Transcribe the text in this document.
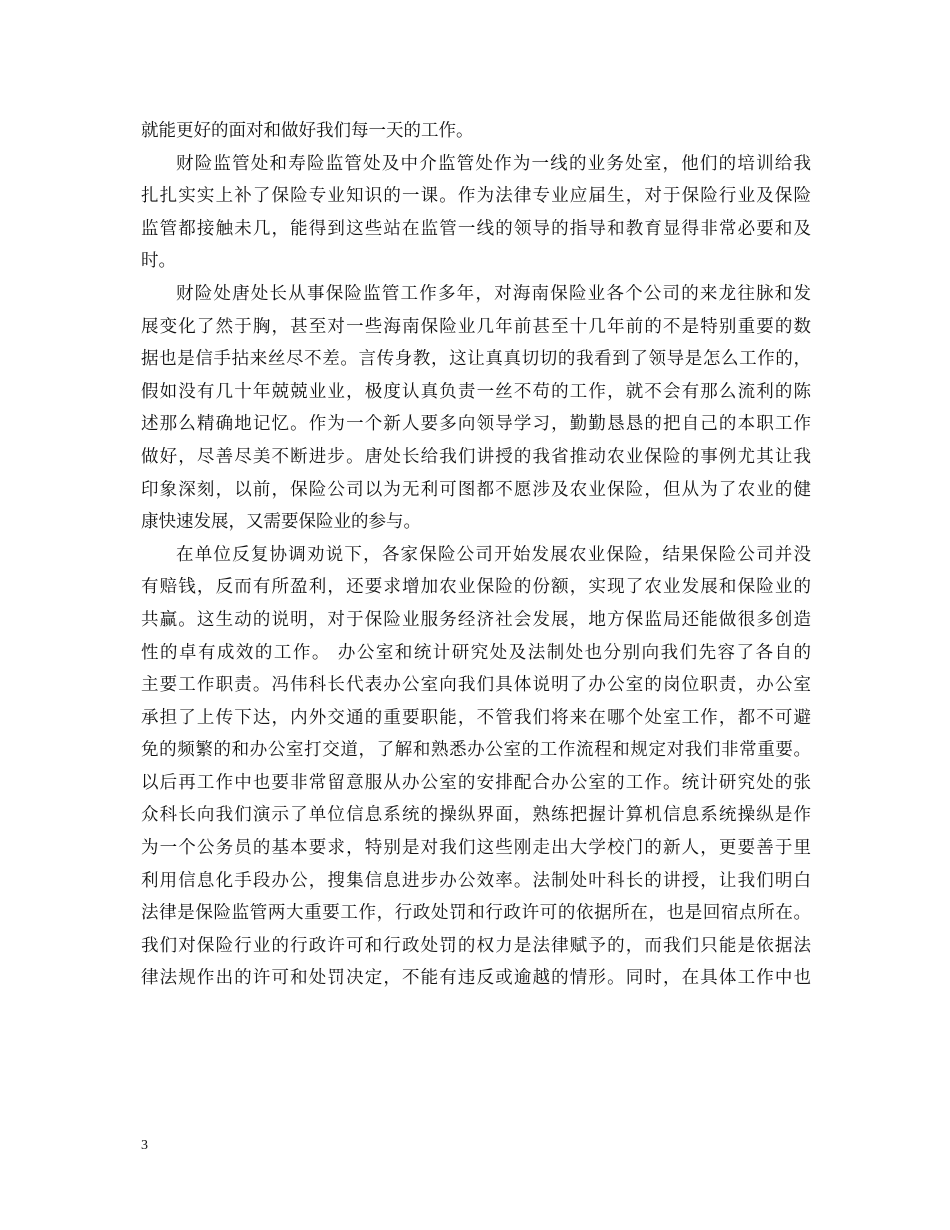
就能更好的面对和做好我们每一天的工作。
财险监管处和寿险监管处及中介监管处作为一线的业务处室，他们的培训给我
扎扎实实上补了保险专业知识的一课。作为法律专业应届生，对于保险行业及保险
监管都接触未几，能得到这些站在监管一线的领导的指导和教育显得非常必要和及
时。
财险处唐处长从事保险监管工作多年，对海南保险业各个公司的来龙往脉和发
展变化了然于胸，甚至对一些海南保险业几年前甚至十几年前的不是特别重要的数
据也是信手拈来丝尽不差。言传身教，这让真真切切的我看到了领导是怎么工作的，
假如没有几十年兢兢业业，极度认真负责一丝不苟的工作，就不会有那么流利的陈
述那么精确地记忆。作为一个新人要多向领导学习，勤勤恳恳的把自己的本职工作
做好，尽善尽美不断进步。唐处长给我们讲授的我省推动农业保险的事例尤其让我
印象深刻，以前，保险公司以为无利可图都不愿涉及农业保险，但从为了农业的健
康快速发展，又需要保险业的参与。
在单位反复协调劝说下，各家保险公司开始发展农业保险，结果保险公司并没
有赔钱，反而有所盈利，还要求增加农业保险的份额，实现了农业发展和保险业的
共赢。这生动的说明，对于保险业服务经济社会发展，地方保监局还能做很多创造
性的卓有成效的工作。 办公室和统计研究处及法制处也分别向我们先容了各自的
主要工作职责。冯伟科长代表办公室向我们具体说明了办公室的岗位职责，办公室
承担了上传下达，内外交通的重要职能，不管我们将来在哪个处室工作，都不可避
免的频繁的和办公室打交道，了解和熟悉办公室的工作流程和规定对我们非常重要。
以后再工作中也要非常留意服从办公室的安排配合办公室的工作。统计研究处的张
众科长向我们演示了单位信息系统的操纵界面，熟练把握计算机信息系统操纵是作
为一个公务员的基本要求，特别是对我们这些刚走出大学校门的新人，更要善于里
利用信息化手段办公，搜集信息进步办公效率。法制处叶科长的讲授，让我们明白
法律是保险监管两大重要工作，行政处罚和行政许可的依据所在，也是回宿点所在。
我们对保险行业的行政许可和行政处罚的权力是法律赋予的，而我们只能是依据法
律法规作出的许可和处罚决定，不能有违反或逾越的情形。同时，在具体工作中也
3
